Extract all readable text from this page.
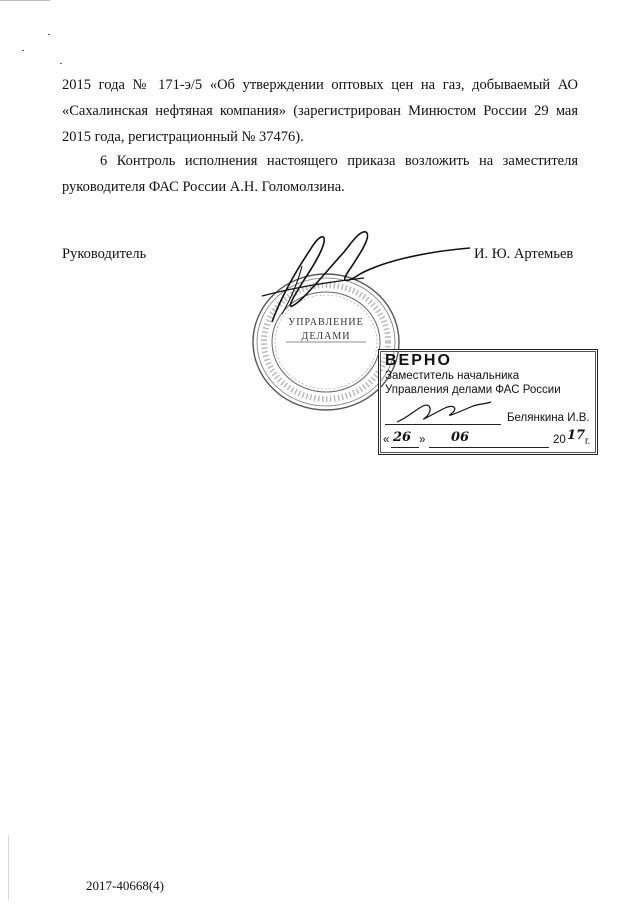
2015 года № 171-э/5 «Об утверждении оптовых цен на газ, добываемый АО «Сахалинская нефтяная компания» (зарегистрирован Минюстом России 29 мая 2015 года, регистрационный № 37476).

6 Контроль исполнения настоящего приказа возложить на заместителя руководителя ФАС России А.Н. Голомолзина.

Руководитель	И. Ю. Артемьев
УПРАВЛЕНИЕ
ДЕЛАМИ
ВЕРНО
Заместитель начальника
Управления делами ФАС России
Белянкина И.В.
« 26 » 06	20 17 г.
2017-40668(4)
